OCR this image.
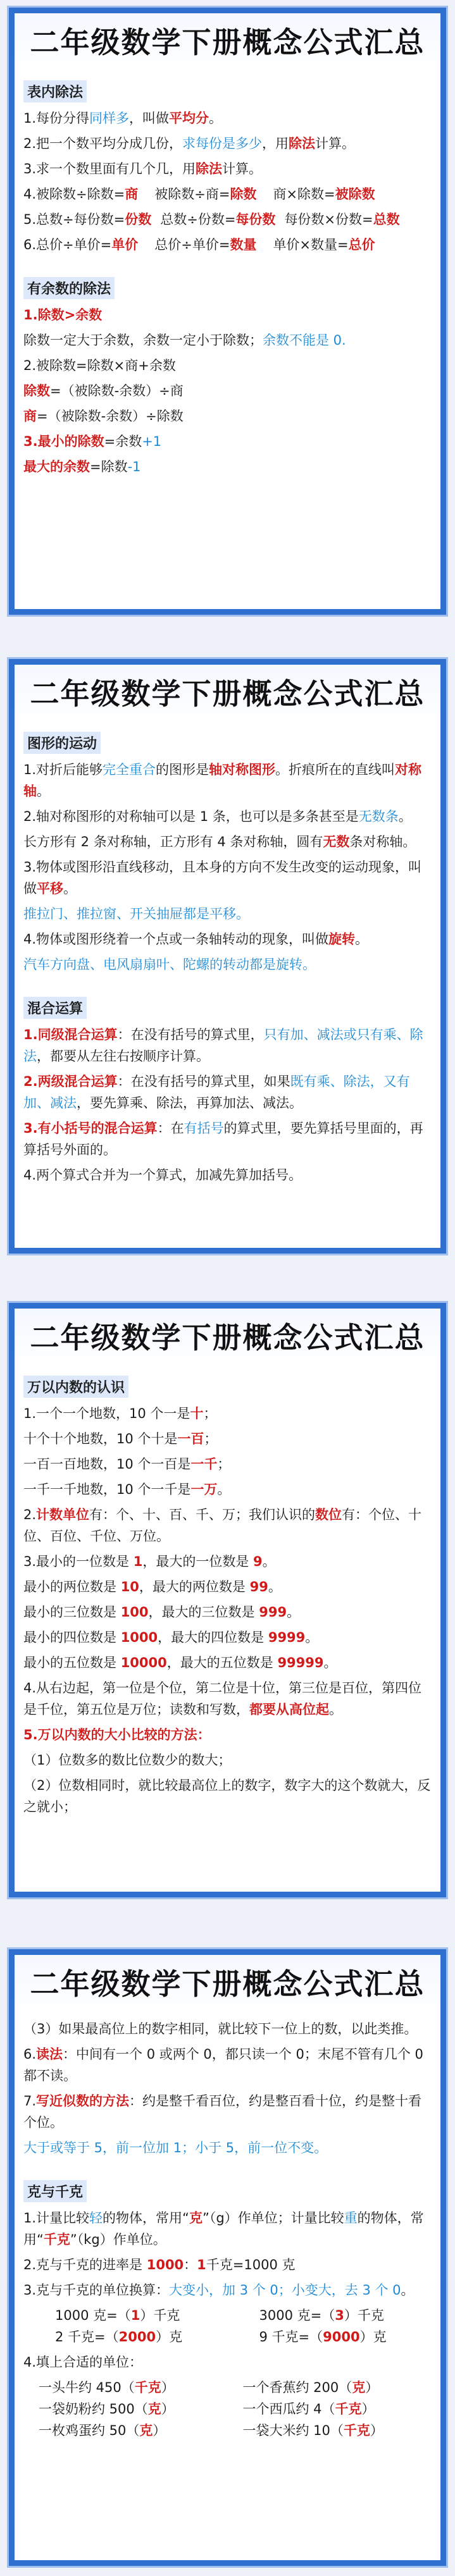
二年级数学下册概念公式汇总
表内除法
1.每份分得同样多，叫做平均分。
2.把一个数平均分成几份，求每份是多少，用除法计算。
3.求一个数里面有几个几，用除法计算。
4.被除数÷除数=商 被除数÷商=除数 商×除数=被除数
5.总数÷每份数=份数 总数÷份数=每份数 每份数×份数=总数
6.总价÷单价=单价 总价÷单价=数量 单价×数量=总价
有余数的除法
1.除数>余数
除数一定大于余数，余数一定小于除数；余数不能是 0.
2.被除数=除数×商+余数
除数=（被除数-余数）÷商
商=（被除数-余数）÷除数
3.最小的除数=余数+1
最大的余数=除数-1
二年级数学下册概念公式汇总
图形的运动
1.对折后能够完全重合的图形是轴对称图形。折痕所在的直线叫对称轴。
2.轴对称图形的对称轴可以是 1 条，也可以是多条甚至是无数条。
长方形有 2 条对称轴，正方形有 4 条对称轴，圆有无数条对称轴。
3.物体或图形沿直线移动，且本身的方向不发生改变的运动现象，叫做平移。
推拉门、推拉窗、开关抽屉都是平移。
4.物体或图形绕着一个点或一条轴转动的现象，叫做旋转。
汽车方向盘、电风扇扇叶、陀螺的转动都是旋转。
混合运算
1.同级混合运算：在没有括号的算式里，只有加、减法或只有乘、除法，都要从左往右按顺序计算。
2.两级混合运算：在没有括号的算式里，如果既有乘、除法，又有加、减法，要先算乘、除法，再算加法、减法。
3.有小括号的混合运算：在有括号的算式里，要先算括号里面的，再算括号外面的。
4.两个算式合并为一个算式，加减先算加括号。
二年级数学下册概念公式汇总
万以内数的认识
1.一个一个地数，10 个一是十；
十个十个地数，10 个十是一百；
一百一百地数，10 个一百是一千；
一千一千地数，10 个一千是一万。
2.计数单位有：个、十、百、千、万；我们认识的数位有：个位、十位、百位、千位、万位。
3.最小的一位数是 1，最大的一位数是 9。
最小的两位数是 10，最大的两位数是 99。
最小的三位数是 100，最大的三位数是 999。
最小的四位数是 1000，最大的四位数是 9999。
最小的五位数是 10000，最大的五位数是 99999。
4.从右边起，第一位是个位，第二位是十位，第三位是百位，第四位是千位，第五位是万位；读数和写数，都要从高位起。
5.万以内数的大小比较的方法：
（1）位数多的数比位数少的数大；
（2）位数相同时，就比较最高位上的数字，数字大的这个数就大，反之就小；
二年级数学下册概念公式汇总
（3）如果最高位上的数字相同，就比较下一位上的数，以此类推。
6.读法：中间有一个 0 或两个 0，都只读一个 0；末尾不管有几个 0 都不读。
7.写近似数的方法：约是整千看百位，约是整百看十位，约是整十看个位。
大于或等于 5，前一位加 1；小于 5，前一位不变。
克与千克
1.计量比较轻的物体，常用“克”（g）作单位；计量比较重的物体，常用“千克”（kg）作单位。
2.克与千克的进率是 1000：1千克=1000 克
3.克与千克的单位换算：大变小，加 3 个 0；小变大，去 3 个 0。
1000 克=（1）千克	3000 克=（3）千克
2 千克=（2000）克	9 千克=（9000）克
4.填上合适的单位：
一头牛约 450（千克）	一个香蕉约 200（克）
一袋奶粉约 500（克）	一个西瓜约 4（千克）
一枚鸡蛋约 50（克）	一袋大米约 10（千克）
